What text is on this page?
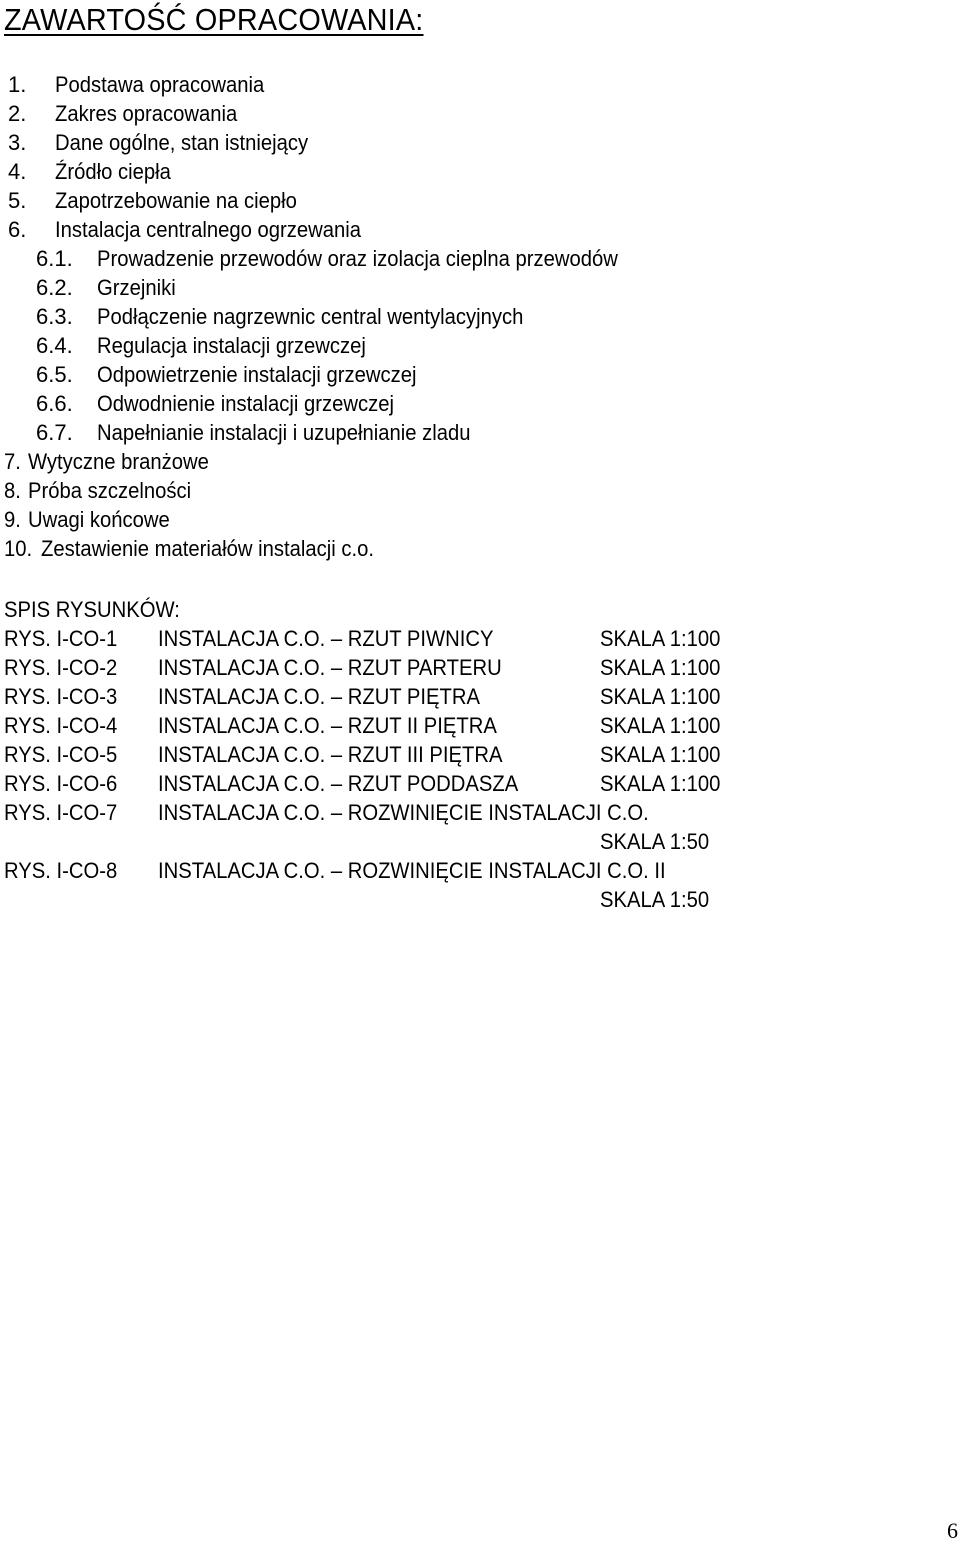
ZAWARTOŚĆ OPRACOWANIA:
1. Podstawa opracowania
2. Zakres opracowania
3. Dane ogólne, stan istniejący
4. Źródło ciepła
5. Zapotrzebowanie na ciepło
6. Instalacja centralnego ogrzewania
6.1. Prowadzenie przewodów oraz izolacja cieplna przewodów
6.2. Grzejniki
6.3. Podłączenie nagrzewnic central wentylacyjnych
6.4. Regulacja instalacji grzewczej
6.5. Odpowietrzenie instalacji grzewczej
6.6. Odwodnienie instalacji grzewczej
6.7. Napełnianie instalacji i uzupełnianie zladu
7. Wytyczne branżowe
8. Próba szczelności
9. Uwagi końcowe
10. Zestawienie materiałów instalacji c.o.
SPIS RYSUNKÓW:
RYS. I-CO-1	INSTALACJA C.O. – RZUT PIWNICY	SKALA 1:100
RYS. I-CO-2	INSTALACJA C.O. – RZUT PARTERU	SKALA 1:100
RYS. I-CO-3	INSTALACJA C.O. – RZUT PIĘTRA	SKALA 1:100
RYS. I-CO-4	INSTALACJA C.O. – RZUT II PIĘTRA	SKALA 1:100
RYS. I-CO-5	INSTALACJA C.O. – RZUT III PIĘTRA	SKALA 1:100
RYS. I-CO-6	INSTALACJA C.O. – RZUT PODDASZA	SKALA 1:100
RYS. I-CO-7	INSTALACJA C.O. – ROZWINIĘCIE INSTALACJI C.O.
SKALA 1:50
RYS. I-CO-8	INSTALACJA C.O. – ROZWINIĘCIE INSTALACJI C.O. II
SKALA 1:50
6
